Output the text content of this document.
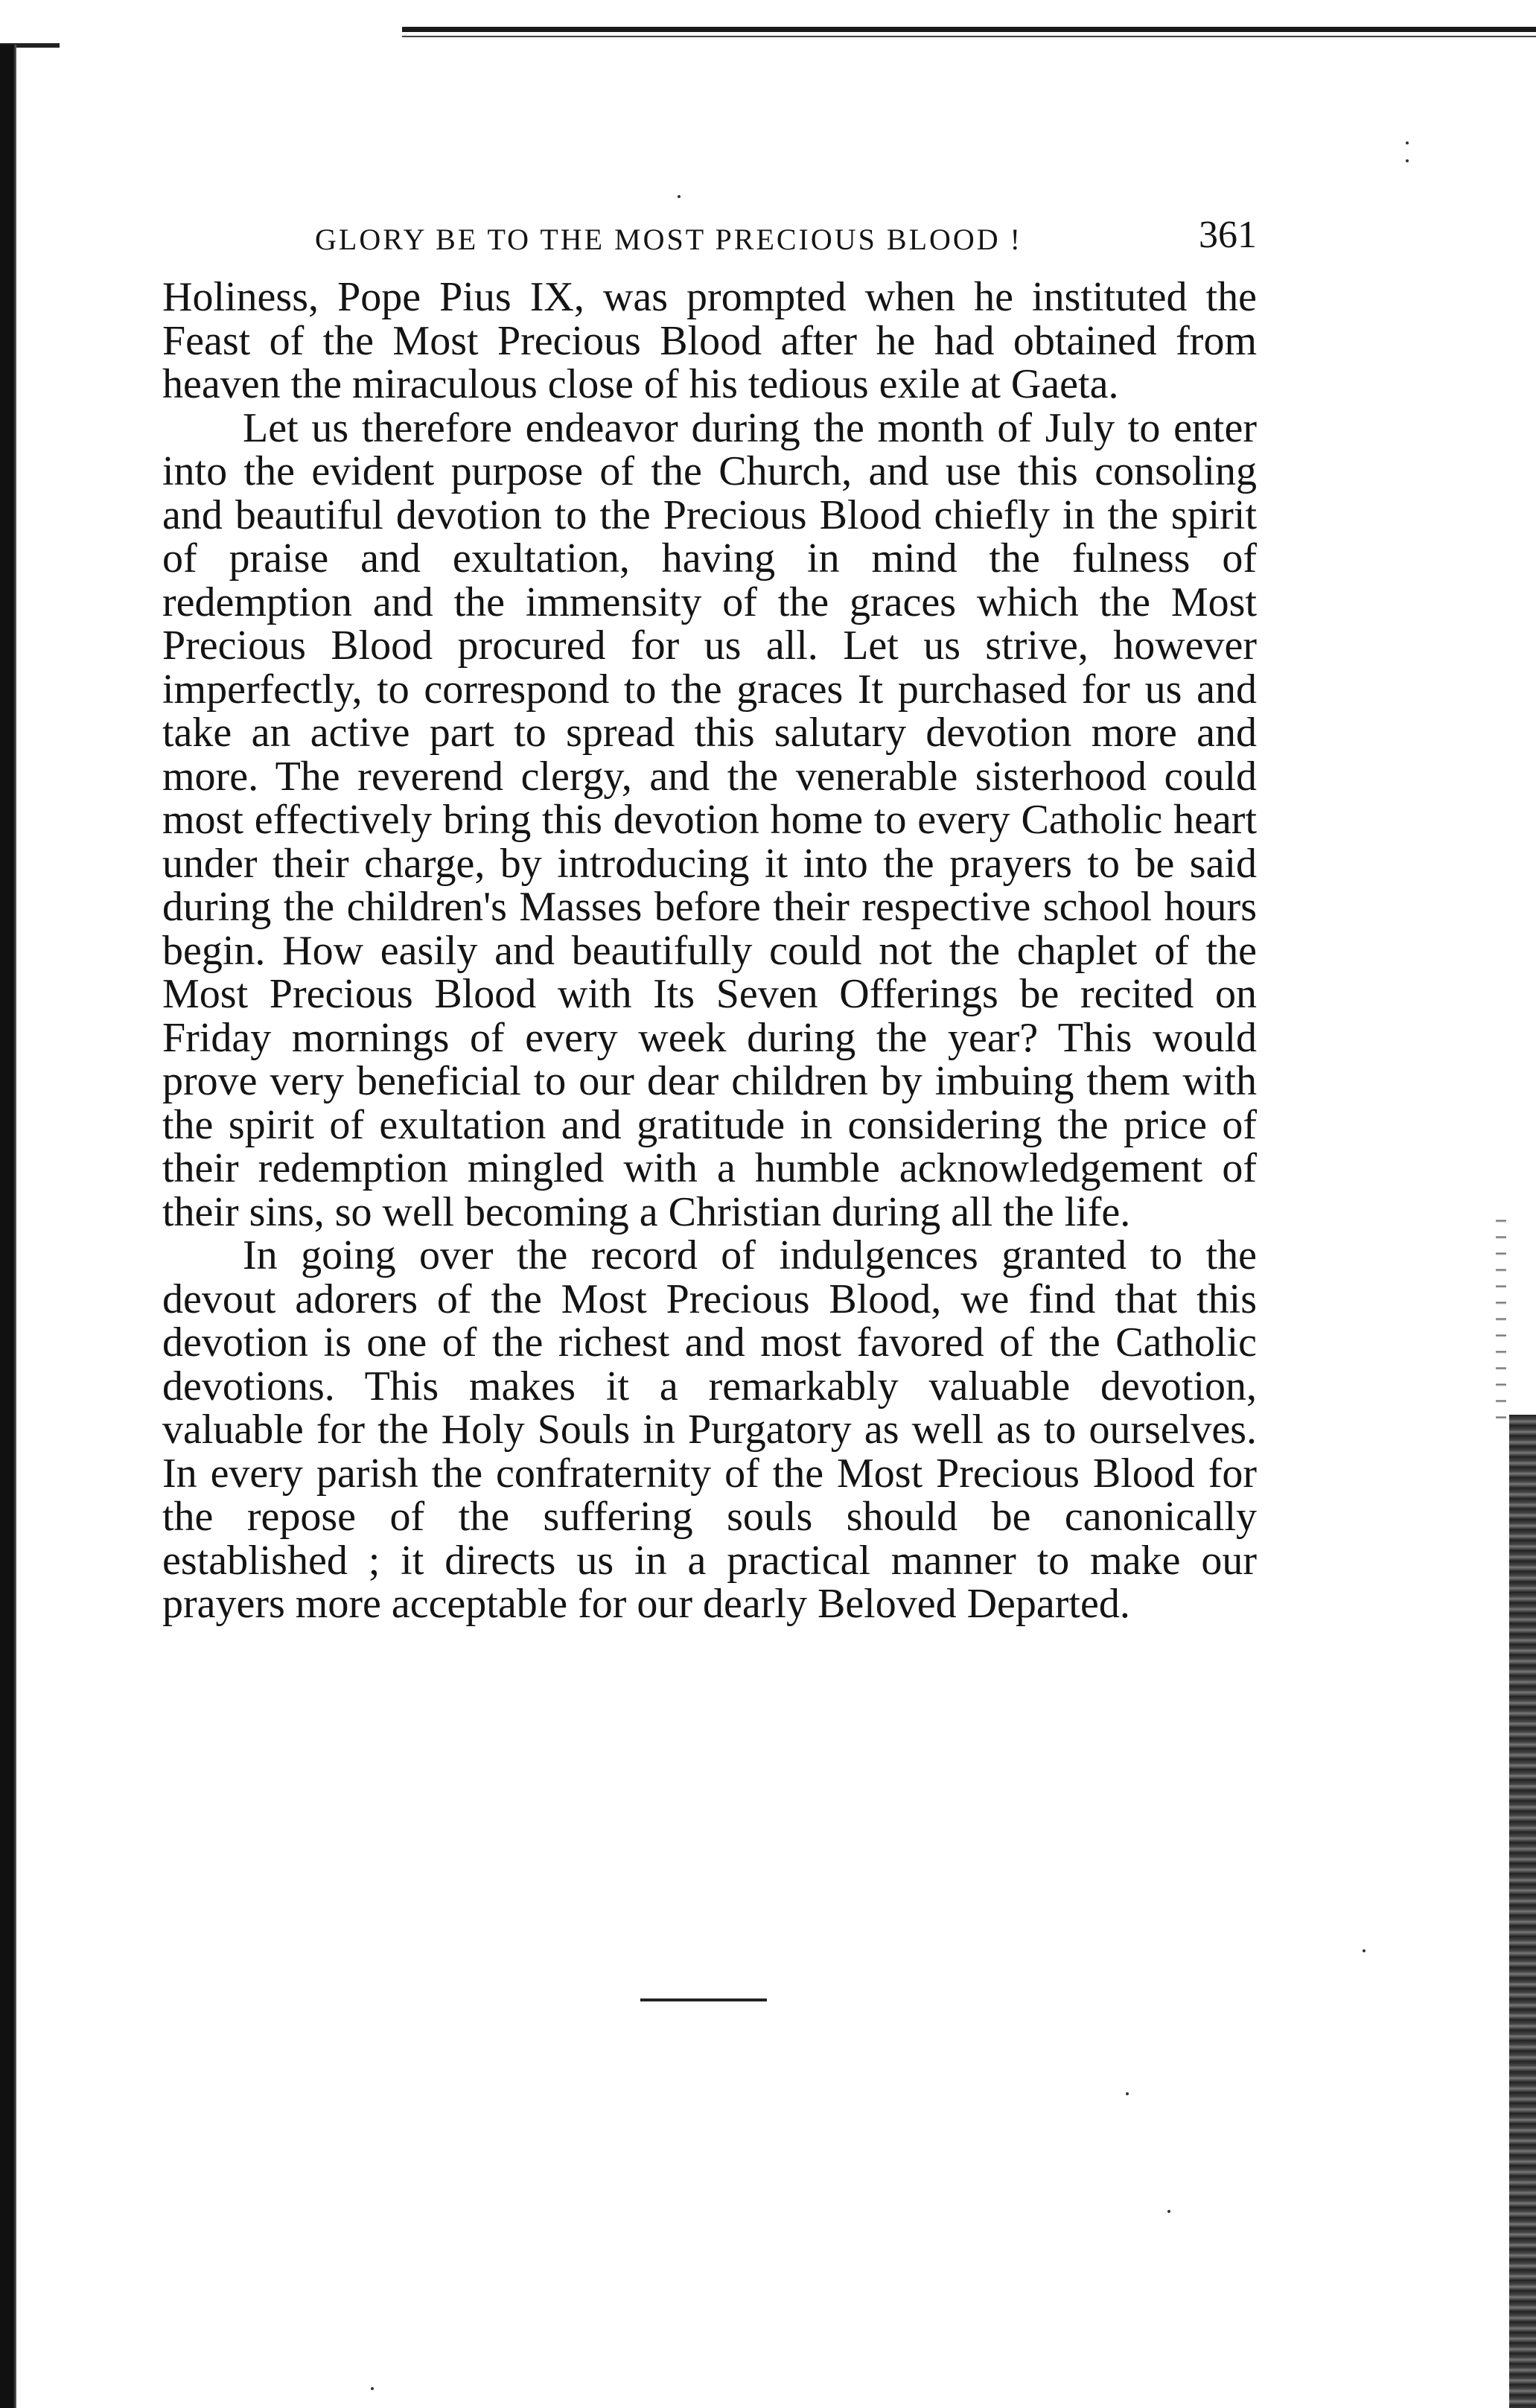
GLORY BE TO THE MOST PRECIOUS BLOOD !	361

Holiness, Pope Pius IX, was prompted when he instituted the Feast of the Most Precious Blood after he had obtained from heaven the miraculous close of his tedious exile at Gaeta.

Let us therefore endeavor during the month of July to enter into the evident purpose of the Church, and use this consoling and beautiful devotion to the Precious Blood chiefly in the spirit of praise and exultation, having in mind the fulness of redemption and the immensity of the graces which the Most Precious Blood procured for us all. Let us strive, however imperfectly, to correspond to the graces It purchased for us and take an active part to spread this salutary devotion more and more. The reverend clergy, and the venerable sisterhood could most effectively bring this devotion home to every Catholic heart under their charge, by introducing it into the prayers to be said during the children's Masses before their respective school hours begin. How easily and beautifully could not the chaplet of the Most Precious Blood with Its Seven Offerings be recited on Friday mornings of every week during the year? This would prove very beneficial to our dear children by imbuing them with the spirit of exultation and gratitude in considering the price of their redemption mingled with a humble acknowledgement of their sins, so well becoming a Christian during all the life.

In going over the record of indulgences granted to the devout adorers of the Most Precious Blood, we find that this devotion is one of the richest and most favored of the Catholic devotions. This makes it a remarkably valuable devotion, valuable for the Holy Souls in Purgatory as well as to ourselves. In every parish the confraternity of the Most Precious Blood for the repose of the suffering souls should be canonically established ; it directs us in a practical manner to make our prayers more acceptable for our dearly Beloved Departed.
